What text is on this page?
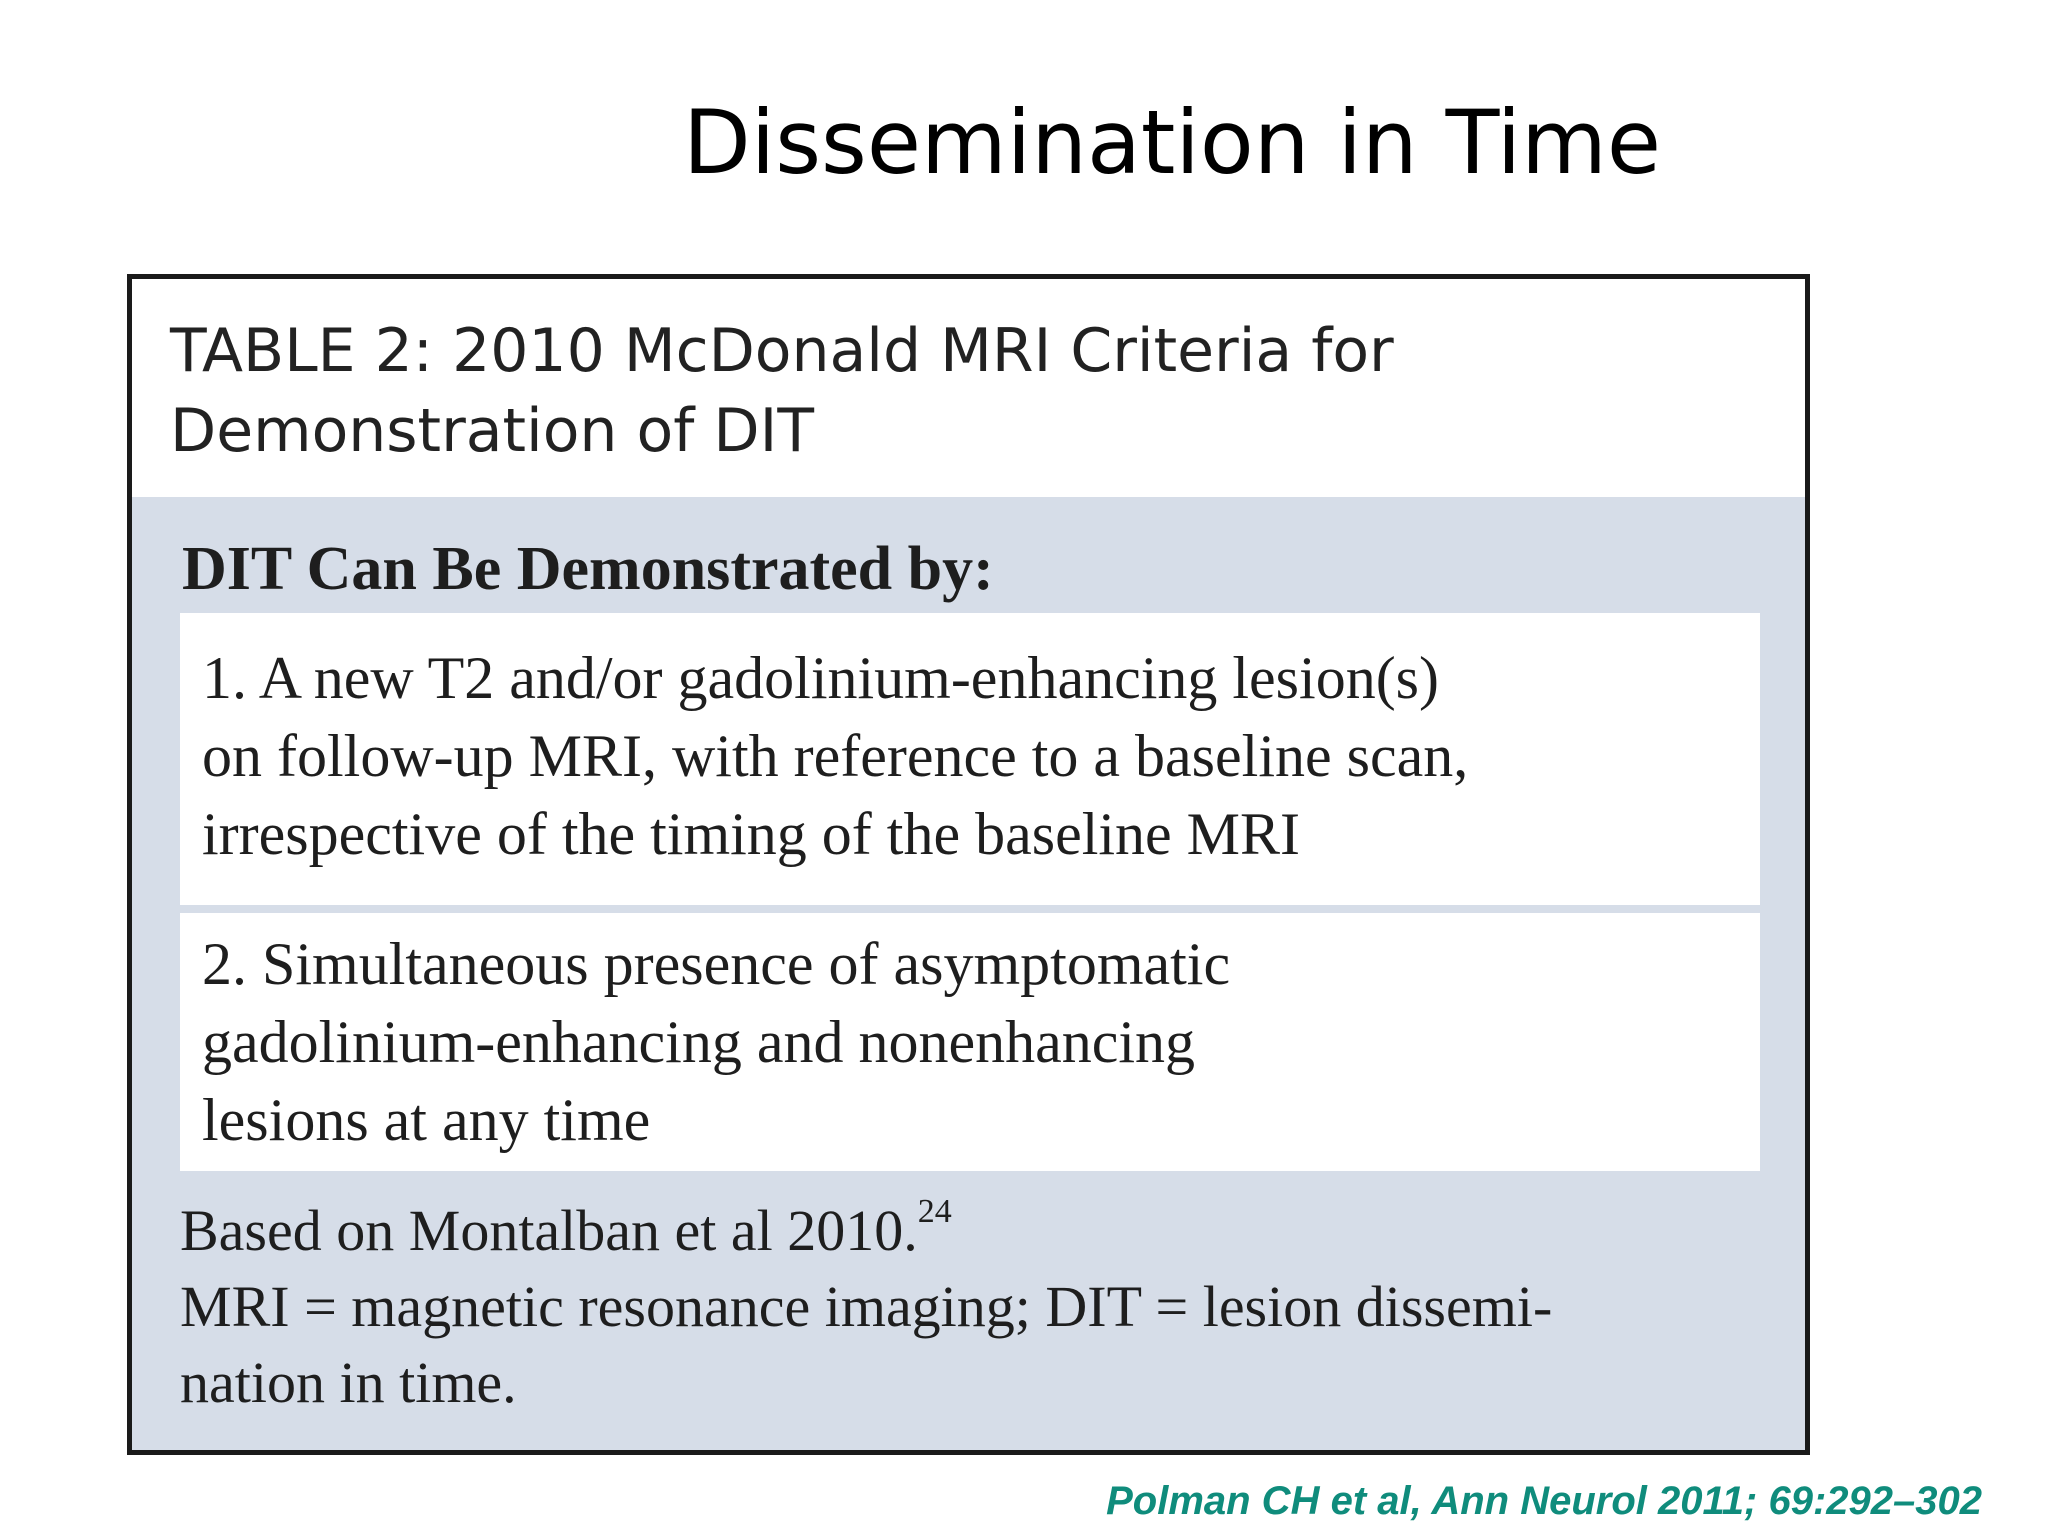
Dissemination in Time
TABLE 2: 2010 McDonald MRI Criteria for
Demonstration of DIT
DIT Can Be Demonstrated by:
1. A new T2 and/or gadolinium-enhancing lesion(s)
on follow-up MRI, with reference to a baseline scan,
irrespective of the timing of the baseline MRI
2. Simultaneous presence of asymptomatic
gadolinium-enhancing and nonenhancing
lesions at any time
Based on Montalban et al 2010.24
MRI = magnetic resonance imaging; DIT = lesion dissemi-
nation in time.
Polman CH et al, Ann Neurol 2011; 69:292–302
